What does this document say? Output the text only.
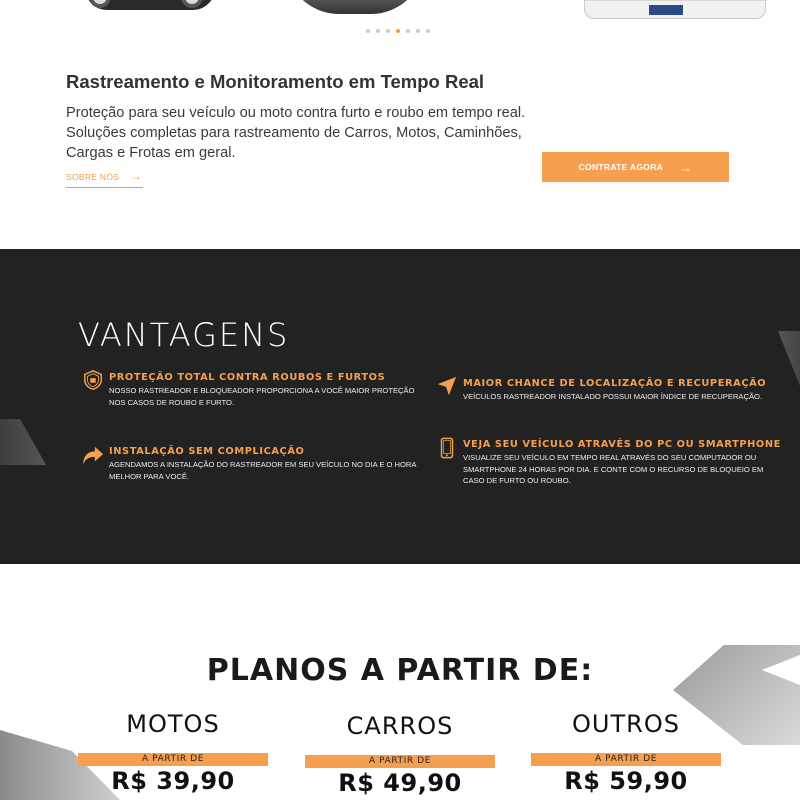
Rastreamento e Monitoramento em Tempo Real

Proteção para seu veículo ou moto contra furto e roubo em tempo real. Soluções completas para rastreamento de Carros, Motos, Caminhões, Cargas e Frotas em geral.

SOBRE NÓS →
CONTRATE AGORA →
VANTAGENS
PROTEÇÃO TOTAL CONTRA ROUBOS E FURTOS
NOSSO RASTREADOR E BLOQUEADOR PROPORCIONA A VOCÊ MAIOR PROTEÇÃO NOS CASOS DE ROUBO E FURTO.
MAIOR CHANCE DE LOCALIZAÇÃO E RECUPERAÇÃO
VEÍCULOS RASTREADOR INSTALADO POSSUI MAIOR ÍNDICE DE RECUPERAÇÃO.
INSTALAÇÃO SEM COMPLICAÇÃO
AGENDAMOS A INSTALAÇÃO DO RASTREADOR EM SEU VEÍCULO NO DIA E O HORA MELHOR PARA VOCÊ.
VEJA SEU VEÍCULO ATRAVÉS DO PC OU SMARTPHONE
VISUALIZE SEU VEÍCULO EM TEMPO REAL ATRAVÉS DO SEU COMPUTADOR OU SMARTPHONE 24 HORAS POR DIA. E CONTE COM O RECURSO DE BLOQUEIO EM CASO DE FURTO OU ROUBO.
PLANOS A PARTIR DE:
MOTOS
A PARTIR DE
R$ 39,90
CARROS
A PARTIR DE
R$ 49,90
OUTROS
A PARTIR DE
R$ 59,90
